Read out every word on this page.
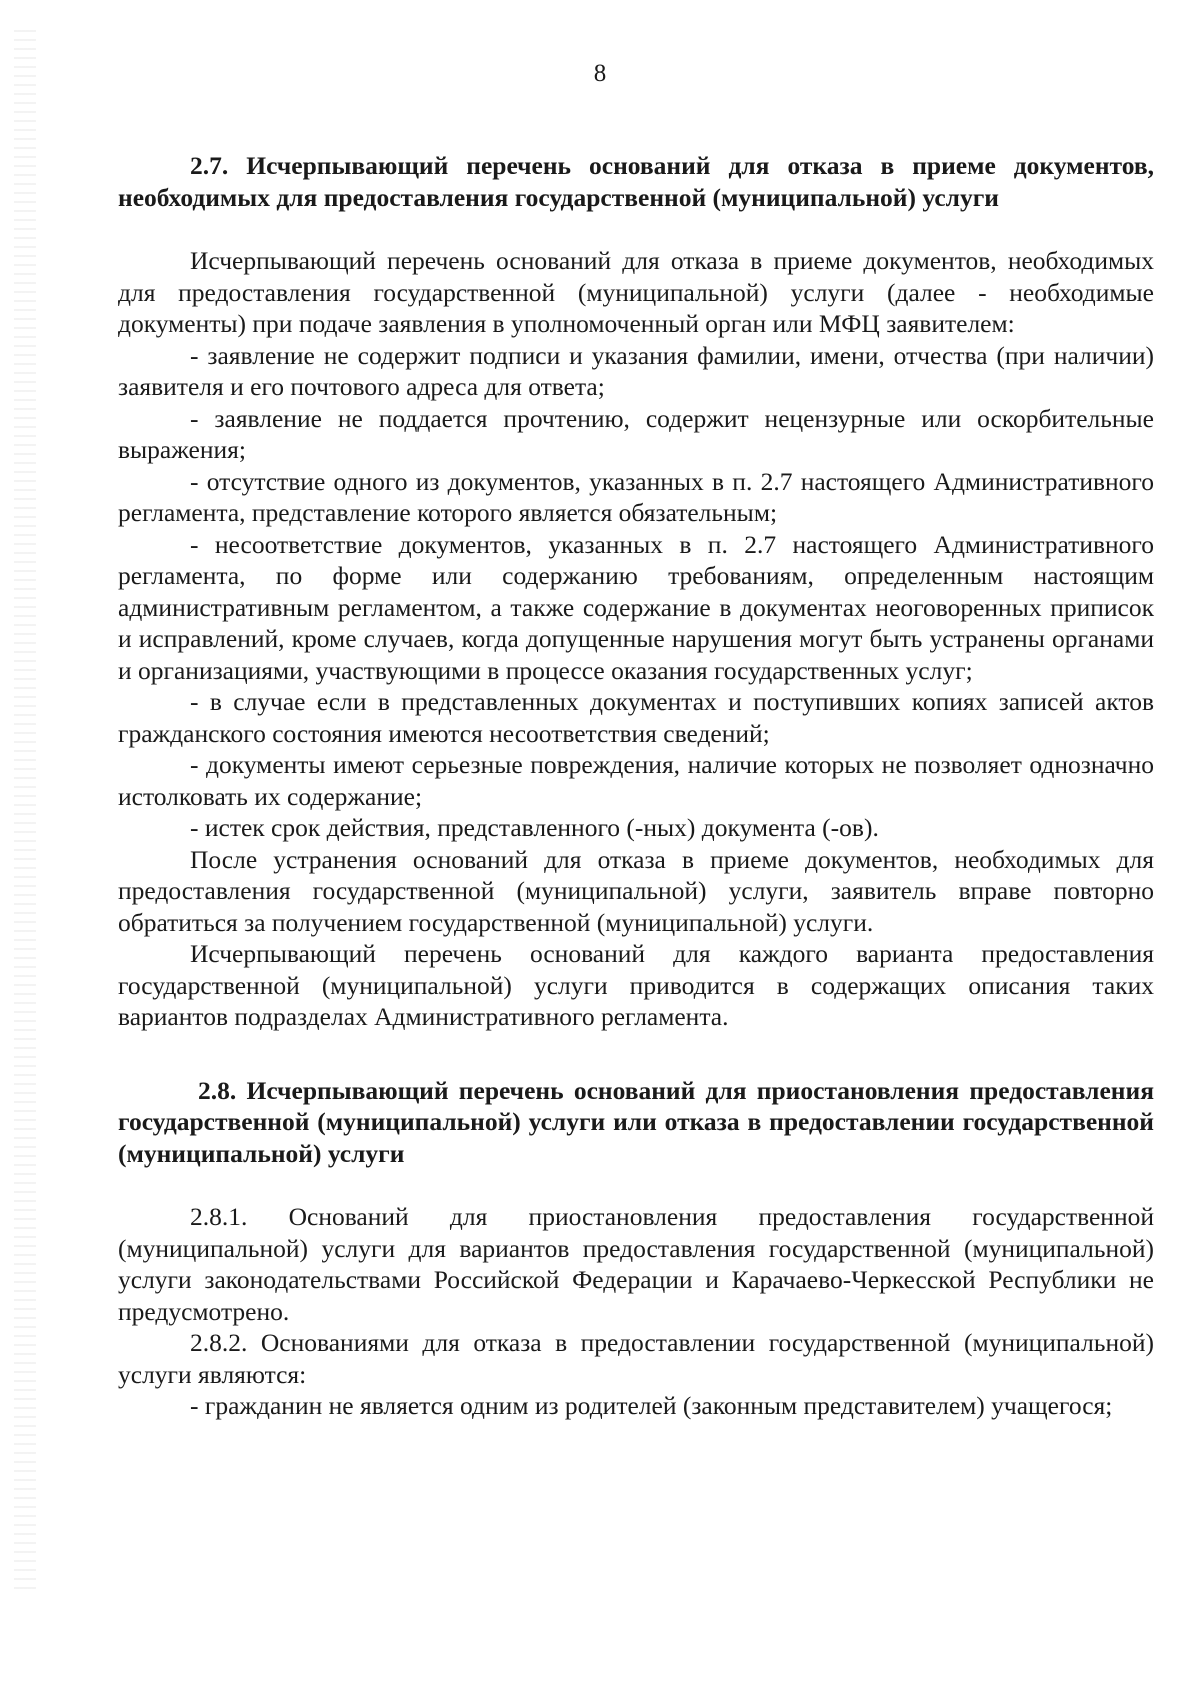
8

2.7. Исчерпывающий перечень оснований для отказа в приеме документов, необходимых для предоставления государственной (муниципальной) услуги

Исчерпывающий перечень оснований для отказа в приеме документов, необходимых для предоставления государственной (муниципальной) услуги (далее - необходимые документы) при подаче заявления в уполномоченный орган или МФЦ заявителем:

- заявление не содержит подписи и указания фамилии, имени, отчества (при наличии) заявителя и его почтового адреса для ответа;

- заявление не поддается прочтению, содержит нецензурные или оскорбительные выражения;

- отсутствие одного из документов, указанных в п. 2.7 настоящего Административного регламента, представление которого является обязательным;

- несоответствие документов, указанных в п. 2.7 настоящего Административного регламента, по форме или содержанию требованиям, определенным настоящим административным регламентом, а также содержание в документах неоговоренных приписок и исправлений, кроме случаев, когда допущенные нарушения могут быть устранены органами и организациями, участвующими в процессе оказания государственных услуг;

- в случае если в представленных документах и поступивших копиях записей актов гражданского состояния имеются несоответствия сведений;

- документы имеют серьезные повреждения, наличие которых не позволяет однозначно истолковать их содержание;

- истек срок действия, представленного (-ных) документа (-ов).

После устранения оснований для отказа в приеме документов, необходимых для предоставления государственной (муниципальной) услуги, заявитель вправе повторно обратиться за получением государственной (муниципальной) услуги.

Исчерпывающий перечень оснований для каждого варианта предоставления государственной (муниципальной) услуги приводится в содержащих описания таких вариантов подразделах Административного регламента.

2.8. Исчерпывающий перечень оснований для приостановления предоставления государственной (муниципальной) услуги или отказа в предоставлении государственной (муниципальной) услуги

2.8.1. Оснований для приостановления предоставления государственной (муниципальной) услуги для вариантов предоставления государственной (муниципальной) услуги законодательствами Российской Федерации и Карачаево-Черкесской Республики не предусмотрено.

2.8.2. Основаниями для отказа в предоставлении государственной (муниципальной) услуги являются:

- гражданин не является одним из родителей (законным представителем) учащегося;
